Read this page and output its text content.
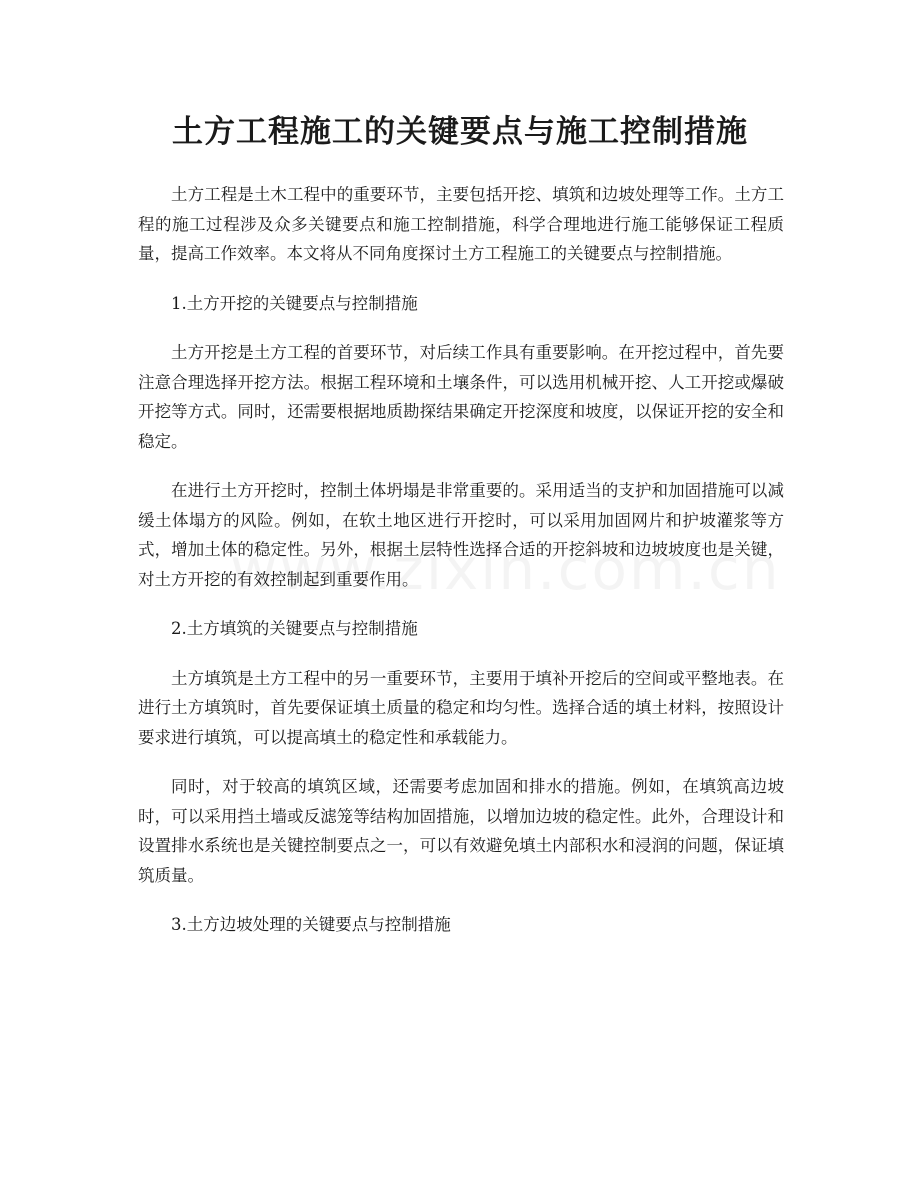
土方工程施工的关键要点与施工控制措施

土方工程是土木工程中的重要环节，主要包括开挖、填筑和边坡处理等工作。土方工程的施工过程涉及众多关键要点和施工控制措施，科学合理地进行施工能够保证工程质量，提高工作效率。本文将从不同角度探讨土方工程施工的关键要点与控制措施。

1.土方开挖的关键要点与控制措施

土方开挖是土方工程的首要环节，对后续工作具有重要影响。在开挖过程中，首先要注意合理选择开挖方法。根据工程环境和土壤条件，可以选用机械开挖、人工开挖或爆破开挖等方式。同时，还需要根据地质勘探结果确定开挖深度和坡度，以保证开挖的安全和稳定。

在进行土方开挖时，控制土体坍塌是非常重要的。采用适当的支护和加固措施可以减缓土体塌方的风险。例如，在软土地区进行开挖时，可以采用加固网片和护坡灌浆等方式，增加土体的稳定性。另外，根据土层特性选择合适的开挖斜坡和边坡坡度也是关键，对土方开挖的有效控制起到重要作用。

2.土方填筑的关键要点与控制措施

土方填筑是土方工程中的另一重要环节，主要用于填补开挖后的空间或平整地表。在进行土方填筑时，首先要保证填土质量的稳定和均匀性。选择合适的填土材料，按照设计要求进行填筑，可以提高填土的稳定性和承载能力。

同时，对于较高的填筑区域，还需要考虑加固和排水的措施。例如，在填筑高边坡时，可以采用挡土墙或反滤笼等结构加固措施，以增加边坡的稳定性。此外，合理设计和设置排水系统也是关键控制要点之一，可以有效避免填土内部积水和浸润的问题，保证填筑质量。

3.土方边坡处理的关键要点与控制措施
